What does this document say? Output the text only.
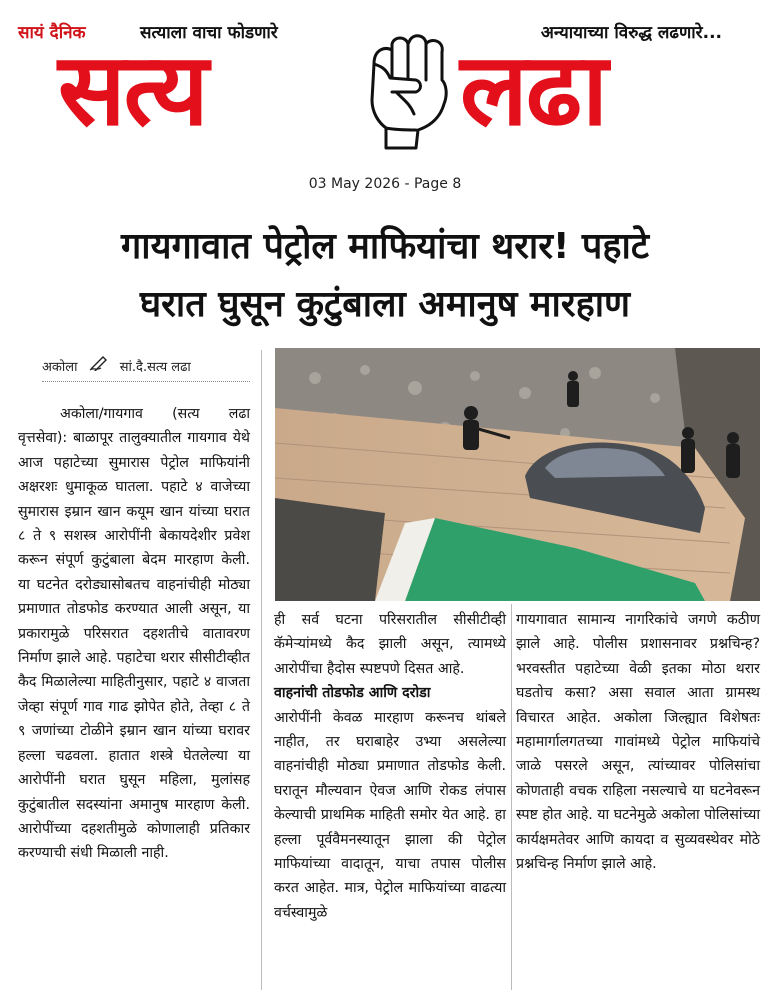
सायं दैनिक	सत्याला वाचा फोडणारे	अन्यायाच्या विरुद्ध लढणारे...
सत्य	लढा
03 May 2026 - Page 8
गायगावात पेट्रोल माफियांचा थरार! पहाटे
घरात घुसून कुटुंबाला अमानुष मारहाण
अकोला	सां.दै.सत्य लढा

अकोला/गायगाव (सत्य लढा वृत्तसेवा): बाळापूर तालुक्यातील गायगाव येथे आज पहाटेच्या सुमारास पेट्रोल माफियांनी अक्षरशः धुमाकूळ घातला. पहाटे ४ वाजेच्या सुमारास इम्रान खान कयूम खान यांच्या घरात ८ ते ९ सशस्त्र आरोपींनी बेकायदेशीर प्रवेश करून संपूर्ण कुटुंबाला बेदम मारहाण केली. या घटनेत दरोड्यासोबतच वाहनांचीही मोठ्या प्रमाणात तोडफोड करण्यात आली असून, या प्रकारामुळे परिसरात दहशतीचे वातावरण निर्माण झाले आहे. पहाटेचा थरार सीसीटीव्हीत कैद मिळालेल्या माहितीनुसार, पहाटे ४ वाजता जेव्हा संपूर्ण गाव गाढ झोपेत होते, तेव्हा ८ ते ९ जणांच्या टोळीने इम्रान खान यांच्या घरावर हल्ला चढवला. हातात शस्त्रे घेतलेल्या या आरोपींनी घरात घुसून महिला, मुलांसह कुटुंबातील सदस्यांना अमानुष मारहाण केली. आरोपींच्या दहशतीमुळे कोणालाही प्रतिकार करण्याची संधी मिळाली नाही.

ही सर्व घटना परिसरातील सीसीटीव्ही कॅमेऱ्यांमध्ये कैद झाली असून, त्यामध्ये आरोपींचा हैदोस स्पष्टपणे दिसत आहे.

वाहनांची तोडफोड आणि दरोडा

आरोपींनी केवळ मारहाण करूनच थांबले नाहीत, तर घराबाहेर उभ्या असलेल्या वाहनांचीही मोठ्या प्रमाणात तोडफोड केली. घरातून मौल्यवान ऐवज आणि रोकड लंपास केल्याची प्राथमिक माहिती समोर येत आहे. हा हल्ला पूर्ववैमनस्यातून झाला की पेट्रोल माफियांच्या वादातून, याचा तपास पोलीस करत आहेत. मात्र, पेट्रोल माफियांच्या वाढत्या वर्चस्वामुळे

गायगावात सामान्य नागरिकांचे जगणे कठीण झाले आहे. पोलीस प्रशासनावर प्रश्नचिन्ह? भरवस्तीत पहाटेच्या वेळी इतका मोठा थरार घडतोच कसा? असा सवाल आता ग्रामस्थ विचारत आहेत. अकोला जिल्ह्यात विशेषतः महामार्गालगतच्या गावांमध्ये पेट्रोल माफियांचे जाळे पसरले असून, त्यांच्यावर पोलिसांचा कोणताही वचक राहिला नसल्याचे या घटनेवरून स्पष्ट होत आहे. या घटनेमुळे अकोला पोलिसांच्या कार्यक्षमतेवर आणि कायदा व सुव्यवस्थेवर मोठे प्रश्नचिन्ह निर्माण झाले आहे.
